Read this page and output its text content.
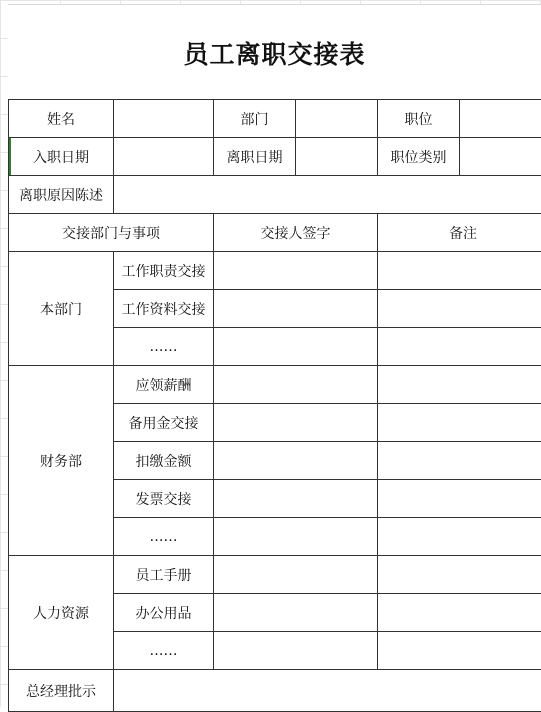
员工离职交接表
姓名		部门		职位	
入职日期		离职日期		职位类别	
离职原因陈述					
交接部门与事项		交接人签字		备注	
本部门	工作职责交接				
	工作资料交接				
	……				
财务部	应领薪酬				
	备用金交接				
	扣缴金额				
	发票交接				
	……				
人力资源	员工手册				
	办公用品				
	……				
总经理批示					
